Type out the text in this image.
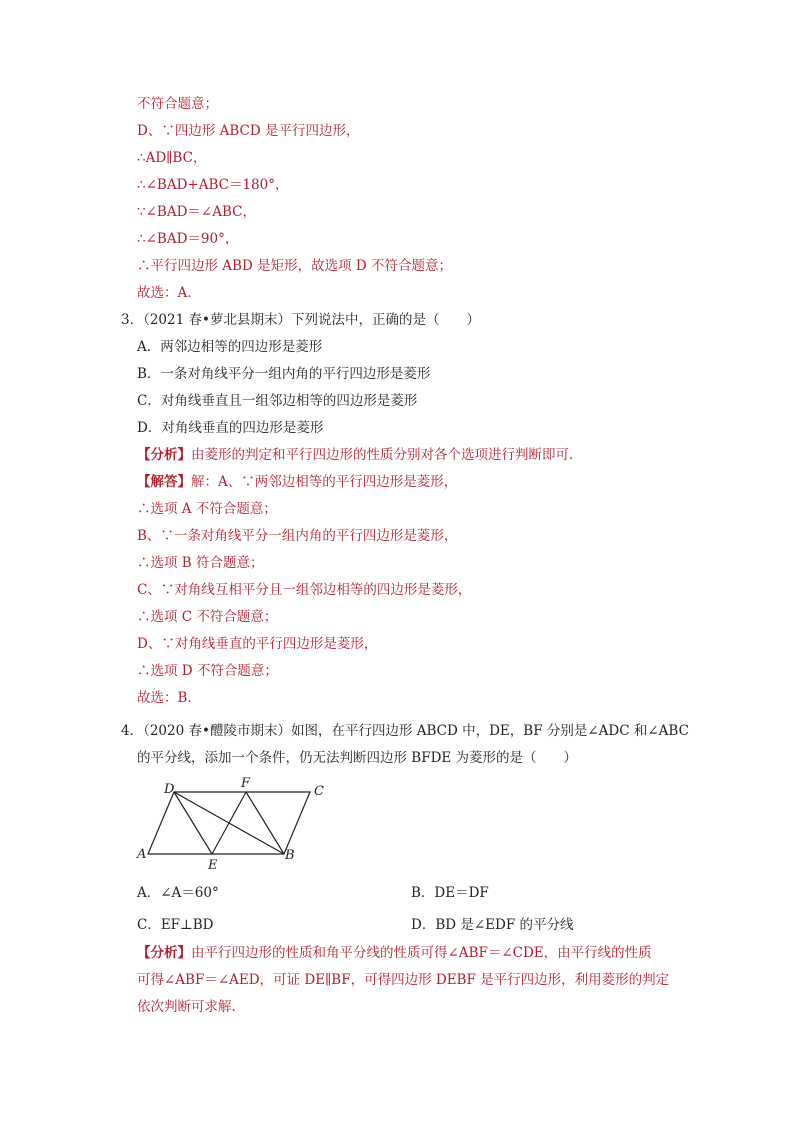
不符合题意；
D、∵四边形 ABCD 是平行四边形，
∴AD∥BC，
∴∠BAD+ABC＝180°，
∵∠BAD＝∠ABC，
∴∠BAD＝90°，
∴平行四边形 ABD 是矩形，故选项 D 不符合题意；
故选：A．
3．（2021 春•萝北县期末）下列说法中，正确的是（　　）
A．两邻边相等的四边形是菱形
B．一条对角线平分一组内角的平行四边形是菱形
C．对角线垂直且一组邻边相等的四边形是菱形
D．对角线垂直的四边形是菱形
【分析】由菱形的判定和平行四边形的性质分别对各个选项进行判断即可．
【解答】解：A、∵两邻边相等的平行四边形是菱形，
∴选项 A 不符合题意；
B、∵一条对角线平分一组内角的平行四边形是菱形，
∴选项 B 符合题意；
C、∵对角线互相平分且一组邻边相等的四边形是菱形，
∴选项 C 不符合题意；
D、∵对角线垂直的平行四边形是菱形，
∴选项 D 不符合题意；
故选：B．
4．（2020 春•醴陵市期末）如图，在平行四边形 ABCD 中，DE，BF 分别是∠ADC 和∠ABC
的平分线，添加一个条件，仍无法判断四边形 BFDE 为菱形的是（　　）
A	B
C
D
E
F
A．∠A＝60°	B．DE＝DF
C．EF⊥BD	D．BD 是∠EDF 的平分线
【分析】由平行四边形的性质和角平分线的性质可得∠ABF＝∠CDE，由平行线的性质
可得∠ABF＝∠AED，可证 DE∥BF，可得四边形 DEBF 是平行四边形，利用菱形的判定
依次判断可求解．
